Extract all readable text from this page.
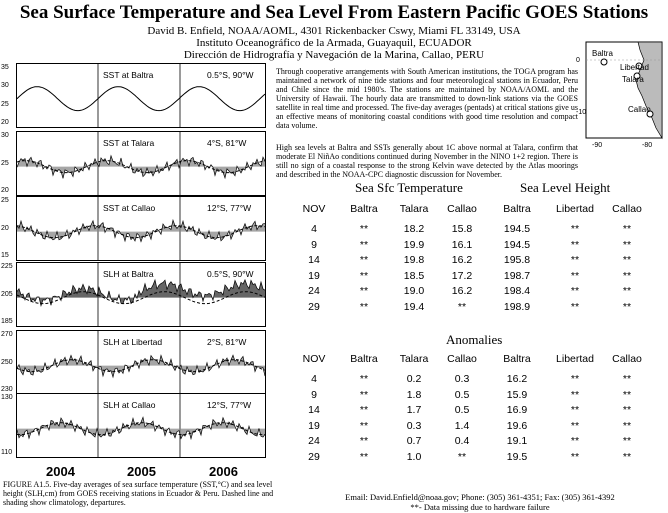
Sea Surface Temperature and Sea Level From Eastern Pacific GOES Stations
David B. Enfield, NOAA/AOML, 4301 Rickenbacker Cswy, Miami FL 33149, USA
Instituto Oceanográfico de la Armada, Guayaquil, ECUADOR
Dirección de Hidrografía y Navegación de la Marina, Callao, PERU
SST at Baltra	0.5°S, 90°W
SST at Talara	4°S, 81°W
SST at Callao	12°S, 77°W
SLH at Baltra	0.5°S, 90°W
SLH at Libertad	2°S, 81°W
SLH at Callao	12°S, 77°W
2004	2005	2006
FIGURE A1.5. Five-day averages of sea surface temperature (SST,°C) and sea level height (SLH,cm) from GOES receiving stations in Ecuador & Peru. Dashed line and shading show climatology, departures.
Through cooperative arrangements with South American institutions, the TOGA program has maintained a network of nine tide stations and four meteorological stations in Ecuador, Peru and Chile since the mid 1980's. The stations are maintained by NOAA/AOML and the University of Hawaii. The hourly data are transmitted to down-link stations via the GOES satellite in real time and processed. The five-day averages (pentads) at critical stations give us an effective means of monitoring coastal conditions with good time resolution and compact data volume.
High sea levels at Baltra and SSTs generally about 1C above normal at Talara, confirm that moderate El NiñAo conditions continued during November in the NINO 1+2 region. There is still no sign of a coastal response to the strong Kelvin wave detected by the Atlas moorings and described in the NOAA-CPC diagnostic discussion for November.
Baltra
Libertad
Talara
Callao
0
-10
-90	-80
Sea Sfc Temperature	Sea Level Height
NOV	Baltra	Talara	Callao	Baltra	Libertad	Callao
4	**	18.2	15.8	194.5	**	**
9	**	19.9	16.1	194.5	**	**
14	**	19.8	16.2	195.8	**	**
19	**	18.5	17.2	198.7	**	**
24	**	19.0	16.2	198.4	**	**
29	**	19.4	**	198.9	**	**
Anomalies
NOV	Baltra	Talara	Callao	Baltra	Libertad	Callao
4	**	0.2	0.3	16.2	**	**
9	**	1.8	0.5	15.9	**	**
14	**	1.7	0.5	16.9	**	**
19	**	0.3	1.4	19.6	**	**
24	**	0.7	0.4	19.1	**	**
29	**	1.0	**	19.5	**	**
Email: David.Enfield@noaa.gov; Phone: (305) 361-4351; Fax: (305) 361-4392
**- Data missing due to hardware failure
35
30
25
20
30
25
20
25
20
15
225
205
185
270
250
230
130
110
